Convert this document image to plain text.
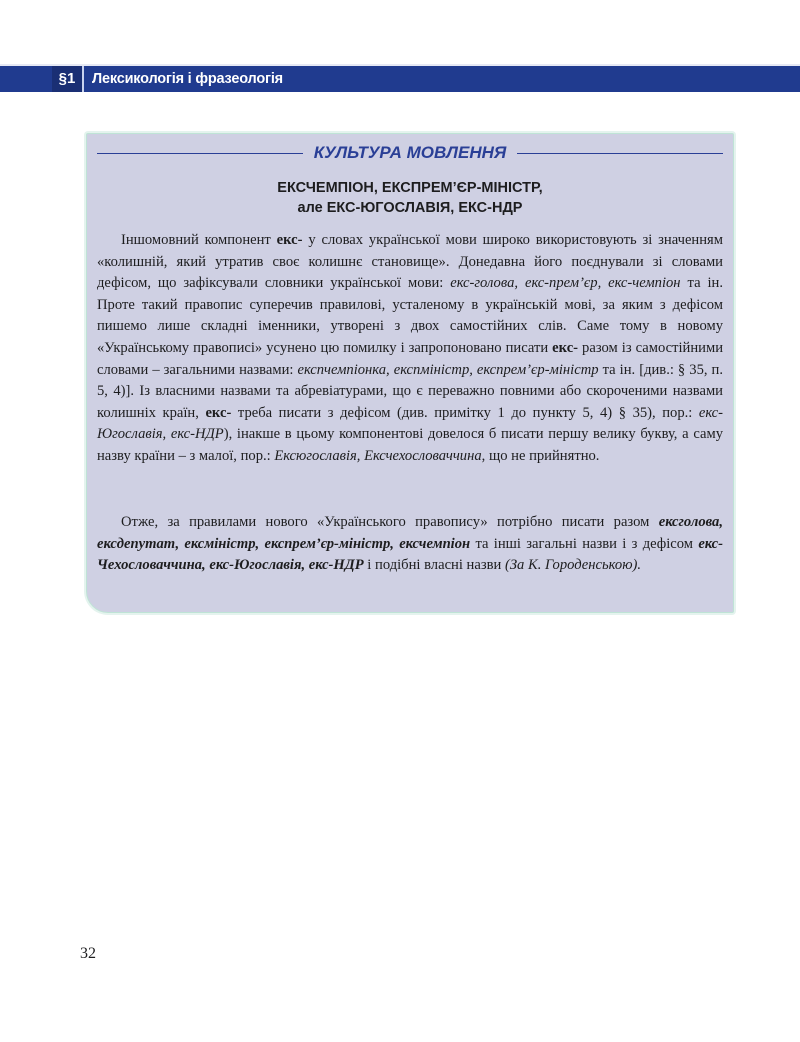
§1	Лексикологія і фразеологія
КУЛЬТУРА МОВЛЕННЯ
ЕКСЧЕМПІОН, ЕКСПРЕМ’ЄР-МІНІСТР,
але ЕКС-ЮГОСЛАВІЯ, ЕКС-НДР

Іншомовний компонент екс- у словах української мови широко використовують зі значенням «колишній, який утратив своє колишнє становище». Донедавна його поєднували зі словами дефісом, що зафіксували словники української мови: екс-голова, екс-прем’єр, екс-чемпіон та ін. Проте такий правопис суперечив правилові, усталеному в українській мові, за яким з дефісом пишемо лише складні іменники, утворені з двох самостійних слів. Саме тому в новому «Українському правописі» усунено цю помилку і запропоновано писати екс- разом із самостійними словами – загальними назвами: експчемпіонка, експміністр, експрем’єр-міністр та ін. [див.: § 35, п. 5, 4)]. Із власними назвами та абревіатурами, що є переважно повними або скороченими назвами колишніх країн, екс- треба писати з дефісом (див. примітку 1 до пункту 5, 4) § 35), пор.: екс-Югославія, екс-НДР), інакше в цьому компонентові довелося б писати першу велику букву, а саму назву країни – з малої, пор.: Ексюгославія, Ексчехословаччина, що не прийнятно.

Отже, за правилами нового «Українського правопису» потрібно писати разом ексголова, ексдепутат, ексміністр, експрем’єр-міністр, ексчемпіон та інші загальні назви і з дефісом екс-Чехословаччина, екс-Югославія, екс-НДР і подібні власні назви (За К. Городенською).

32
